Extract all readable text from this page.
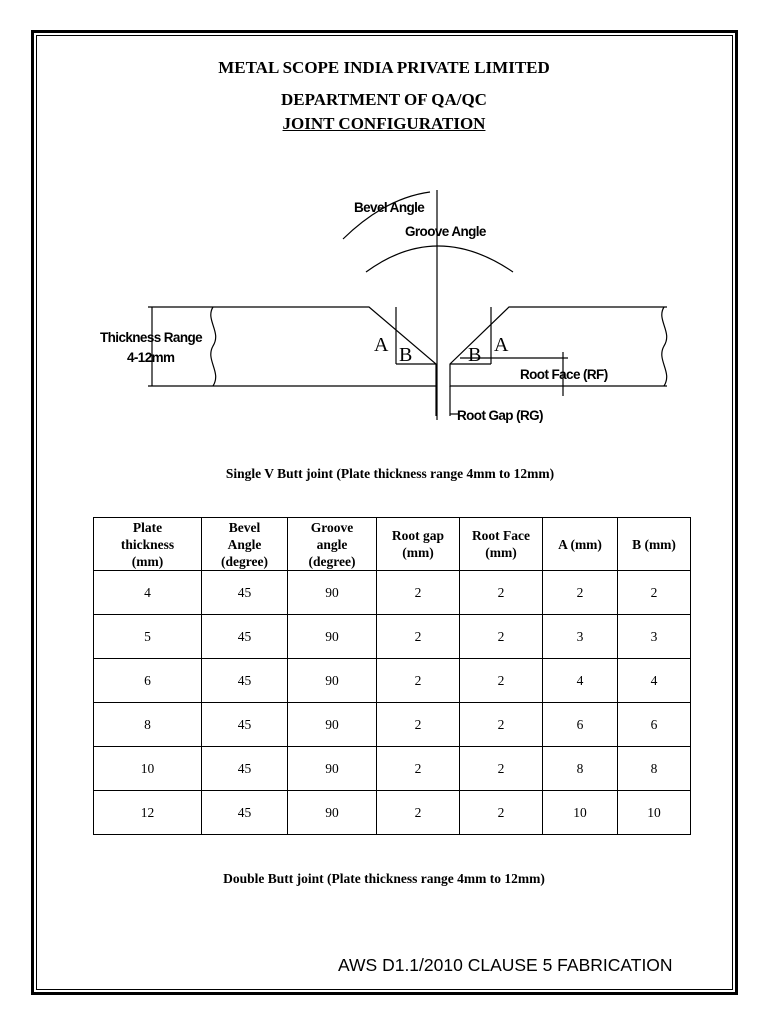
METAL SCOPE INDIA PRIVATE LIMITED
DEPARTMENT OF QA/QC
JOINT CONFIGURATION
Bevel Angle
Groove Angle
Thickness Range
4-12mm
A B	B A
Root Face (RF)
Root Gap (RG)
Single V Butt joint (Plate thickness range 4mm to 12mm)
Plate
thickness
(mm)	Bevel
Angle
(degree)	Groove
angle
(degree)	Root gap
(mm)	Root Face
(mm)	A (mm)	B (mm)
4	45	90	2	2	2	2
5	45	90	2	2	3	3
6	45	90	2	2	4	4
8	45	90	2	2	6	6
10	45	90	2	2	8	8
12	45	90	2	2	10	10
Double Butt joint (Plate thickness range 4mm to 12mm)
AWS D1.1/2010 CLAUSE 5 FABRICATION
